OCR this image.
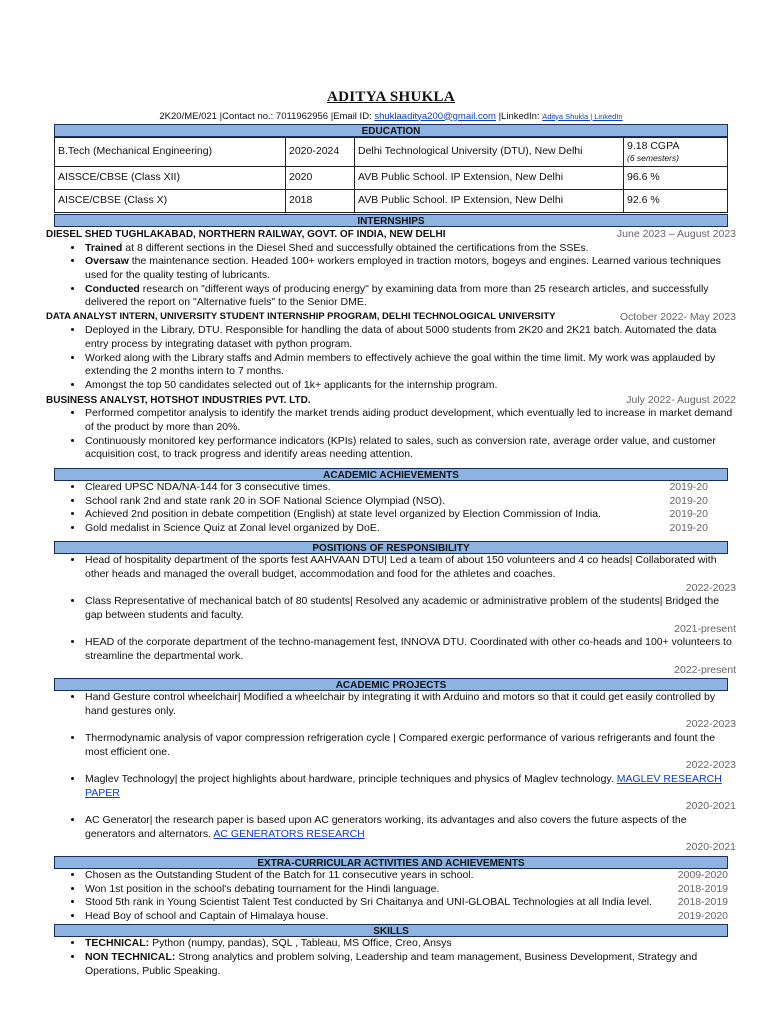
ADITYA SHUKLA
2K20/ME/021 |Contact no.: 7011962956 |Email ID: shuklaaditya200@gmail.com |LinkedIn: Aditya Shukla | LinkedIn
EDUCATION
B.Tech (Mechanical Engineering)	2020-2024	Delhi Technological University (DTU), New Delhi	9.18 CGPA
(6 semesters)
AISSCE/CBSE (Class XII)	2020	AVB Public School. IP Extension, New Delhi	96.6 %
AISCE/CBSE (Class X)	2018	AVB Public School. IP Extension, New Delhi	92.6 %
INTERNSHIPS
DIESEL SHED TUGHLAKABAD, NORTHERN RAILWAY, GOVT. OF INDIA, NEW DELHI	June 2023 – August 2023
• Trained at 8 different sections in the Diesel Shed and successfully obtained the certifications from the SSEs.
• Oversaw the maintenance section. Headed 100+ workers employed in traction motors, bogeys and engines. Learned various techniques used for the quality testing of lubricants.
• Conducted research on "different ways of producing energy" by examining data from more than 25 research articles, and successfully delivered the report on "Alternative fuels" to the Senior DME.
DATA ANALYST INTERN, UNIVERSITY STUDENT INTERNSHIP PROGRAM, DELHI TECHNOLOGICAL UNIVERSITY	October 2022- May 2023
• Deployed in the Library, DTU. Responsible for handling the data of about 5000 students from 2K20 and 2K21 batch. Automated the data entry process by integrating dataset with python program.
• Worked along with the Library staffs and Admin members to effectively achieve the goal within the time limit. My work was applauded by extending the 2 months intern to 7 months.
• Amongst the top 50 candidates selected out of 1k+ applicants for the internship program.
BUSINESS ANALYST, HOTSHOT INDUSTRIES PVT. LTD.	July 2022- August 2022
• Performed competitor analysis to identify the market trends aiding product development, which eventually led to increase in market demand of the product by more than 20%.
• Continuously monitored key performance indicators (KPIs) related to sales, such as conversion rate, average order value, and customer acquisition cost, to track progress and identify areas needing attention.
ACADEMIC ACHIEVEMENTS
• Cleared UPSC NDA/NA-144 for 3 consecutive times.	2019-20
• School rank 2nd and state rank 20 in SOF National Science Olympiad (NSO).	2019-20
• Achieved 2nd position in debate competition (English) at state level organized by Election Commission of India.	2019-20
• Gold medalist in Science Quiz at Zonal level organized by DoE.	2019-20
POSITIONS OF RESPONSIBILITY
• Head of hospitality department of the sports fest AAHVAAN DTU| Led a team of about 150 volunteers and 4 co heads| Collaborated with other heads and managed the overall budget, accommodation and food for the athletes and coaches.
2022-2023
• Class Representative of mechanical batch of 80 students| Resolved any academic or administrative problem of the students| Bridged the gap between students and faculty.
2021-present
• HEAD of the corporate department of the techno-management fest, INNOVA DTU. Coordinated with other co-heads and 100+ volunteers to streamline the departmental work.
2022-present
ACADEMIC PROJECTS
• Hand Gesture control wheelchair| Modified a wheelchair by integrating it with Arduino and motors so that it could get easily controlled by hand gestures only.
2022-2023
• Thermodynamic analysis of vapor compression refrigeration cycle | Compared exergic performance of various refrigerants and fount the most efficient one.
2022-2023
• Maglev Technology| the project highlights about hardware, principle techniques and physics of Maglev technology. MAGLEV RESEARCH PAPER
2020-2021
• AC Generator| the research paper is based upon AC generators working, its advantages and also covers the future aspects of the generators and alternators. AC GENERATORS RESEARCH
2020-2021
EXTRA-CURRICULAR ACTIVITIES AND ACHIEVEMENTS
• Chosen as the Outstanding Student of the Batch for 11 consecutive years in school.	2009-2020
• Won 1st position in the school's debating tournament for the Hindi language.	2018-2019
• Stood 5th rank in Young Scientist Talent Test conducted by Sri Chaitanya and UNI-GLOBAL Technologies at all India level.	2018-2019
• Head Boy of school and Captain of Himalaya house.	2019-2020
SKILLS
• TECHNICAL: Python (numpy, pandas), SQL , Tableau, MS Office, Creo, Ansys
• NON TECHNICAL: Strong analytics and problem solving, Leadership and team management, Business Development, Strategy and Operations, Public Speaking.
